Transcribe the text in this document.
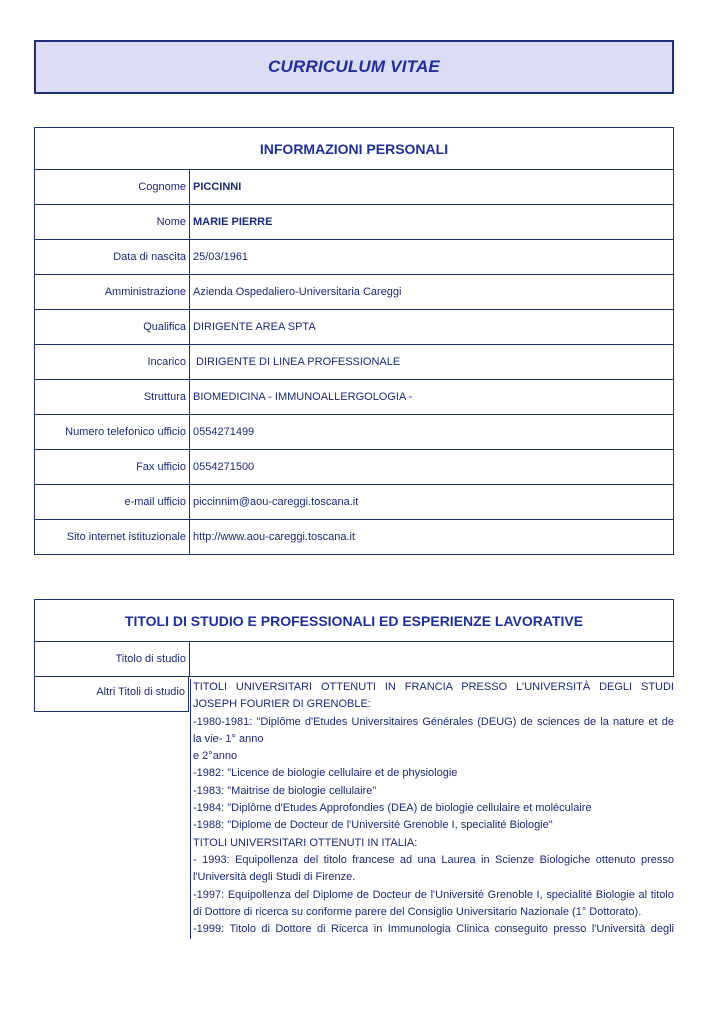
CURRICULUM VITAE
INFORMAZIONI PERSONALI
Cognome PICCINNI
Nome MARIE PIERRE
Data di nascita 25/03/1961
Amministrazione Azienda Ospedaliero-Universitaria Careggi
Qualifica DIRIGENTE AREA SPTA
Incarico DIRIGENTE DI LINEA PROFESSIONALE
Struttura BIOMEDICINA - IMMUNOALLERGOLOGIA -
Numero telefonico ufficio 0554271499
Fax ufficio 0554271500
e-mail ufficio piccinnim@aou-careggi.toscana.it
Sito internet istituzionale http://www.aou-careggi.toscana.it
TITOLI DI STUDIO E PROFESSIONALI ED ESPERIENZE LAVORATIVE
Titolo di studio
Altri Titoli di studio TITOLI UNIVERSITARI OTTENUTI IN FRANCIA PRESSO L'UNIVERSITÀ DEGLI STUDI

JOSEPH FOURIER DI GRENOBLE:

-1980-1981: "Diplôme d'Etudes Universitaires Générales (DEUG) de sciences de la nature et de

la vie- 1° anno

e 2°anno

-1982: "Licence de biologie cellulaire et de physiologie

-1983: "Maitrise de biologie cellulaire"

-1984: "Diplôme d'Etudes Approfondies (DEA) de biologie cellulaire et moléculaire

-1988: "Diplome de Docteur de l'Université Grenoble I, specialité Biologie"

TITOLI UNIVERSITARI OTTENUTI IN ITALIA:

- 1993: Equipollenza del titolo francese ad una Laurea in Scienze Biologiche ottenuto presso

l'Università degli Studi di Firenze.

-1997: Equipollenza del Diplome de Docteur de l'Université Grenoble I, specialité Biologie al titolo

di Dottore di ricerca su conforme parere del Consiglio Universitario Nazionale (1° Dottorato).

-1999: Titolo di Dottore di Ricerca in Immunologia Clinica conseguito presso l'Università degli
